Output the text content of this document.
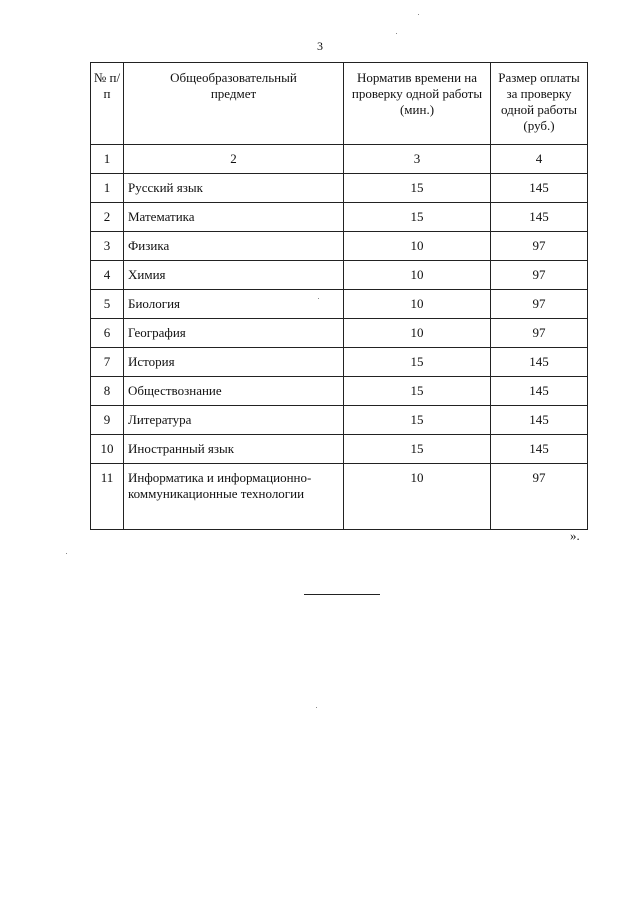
3
№ п/п	Общеобразовательный предмет	Норматив времени на проверку одной работы (мин.)	Размер оплаты за проверку одной работы (руб.)
1	2	3	4
1	Русский язык	15	145
2	Математика	15	145
3	Физика	10	97
4	Химия	10	97
5	Биология	10	97
6	География	10	97
7	История	15	145
8	Обществознание	15	145
9	Литература	15	145
10	Иностранный язык	15	145
11	Информатика и информационно-коммуникационные технологии	10	97
».
